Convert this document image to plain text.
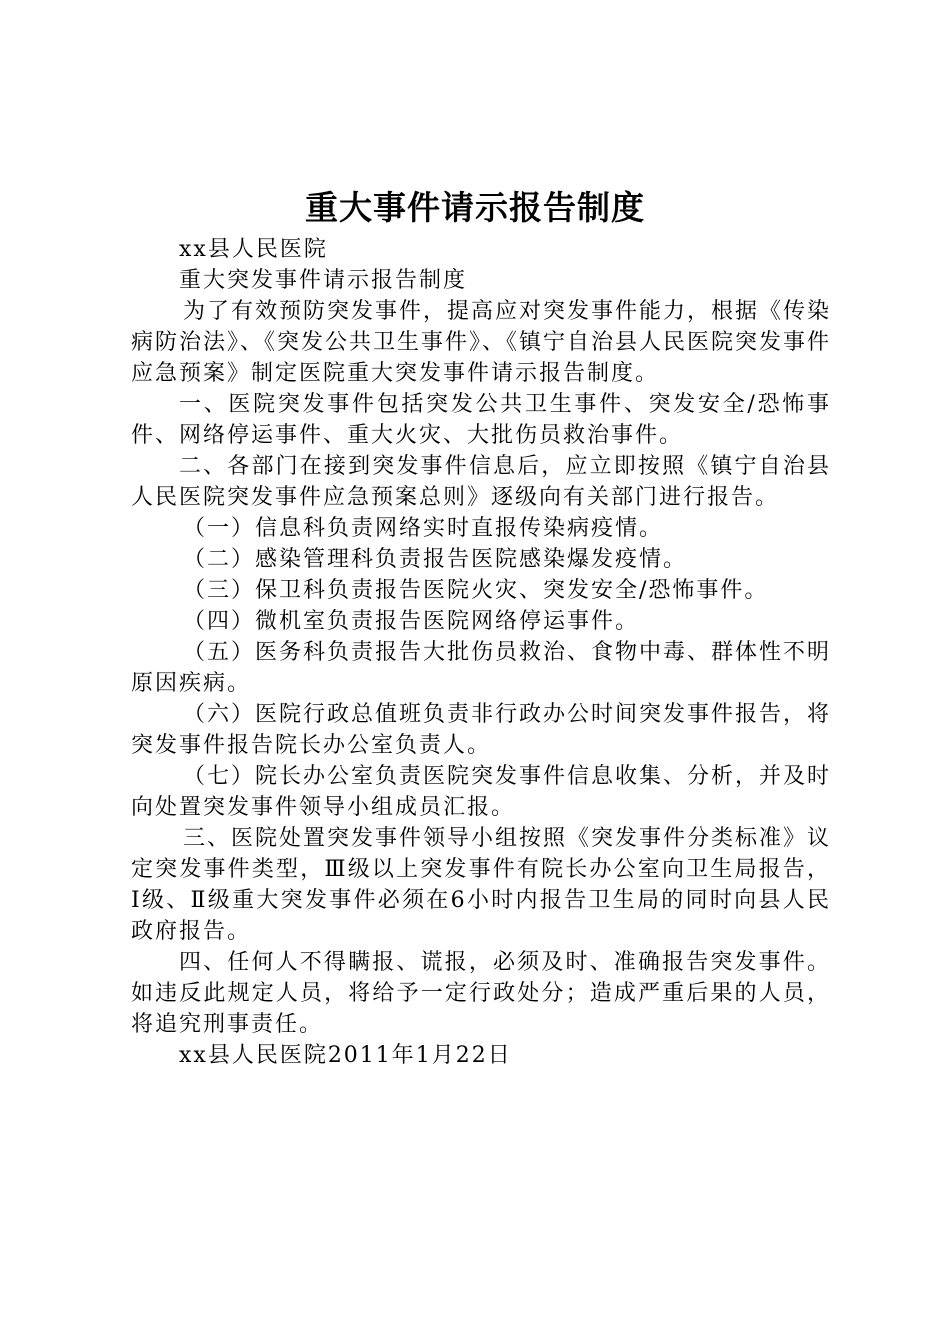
重大事件请示报告制度

xx县人民医院

重大突发事件请示报告制度

为了有效预防突发事件，提高应对突发事件能力，根据《传染病防治法》、《突发公共卫生事件》、《镇宁自治县人民医院突发事件应急预案》制定医院重大突发事件请示报告制度。

一、医院突发事件包括突发公共卫生事件、突发安全/恐怖事件、网络停运事件、重大火灾、大批伤员救治事件。

二、各部门在接到突发事件信息后，应立即按照《镇宁自治县人民医院突发事件应急预案总则》逐级向有关部门进行报告。

（一）信息科负责网络实时直报传染病疫情。

（二）感染管理科负责报告医院感染爆发疫情。

（三）保卫科负责报告医院火灾、突发安全/恐怖事件。

（四）微机室负责报告医院网络停运事件。

（五）医务科负责报告大批伤员救治、食物中毒、群体性不明原因疾病。

（六）医院行政总值班负责非行政办公时间突发事件报告，将突发事件报告院长办公室负责人。

（七）院长办公室负责医院突发事件信息收集、分析，并及时向处置突发事件领导小组成员汇报。

三、医院处置突发事件领导小组按照《突发事件分类标准》议定突发事件类型，Ⅲ级以上突发事件有院长办公室向卫生局报告，Ⅰ级、Ⅱ级重大突发事件必须在6小时内报告卫生局的同时向县人民政府报告。

四、任何人不得瞒报、谎报，必须及时、准确报告突发事件。如违反此规定人员，将给予一定行政处分；造成严重后果的人员，将追究刑事责任。

xx县人民医院2011年1月22日
